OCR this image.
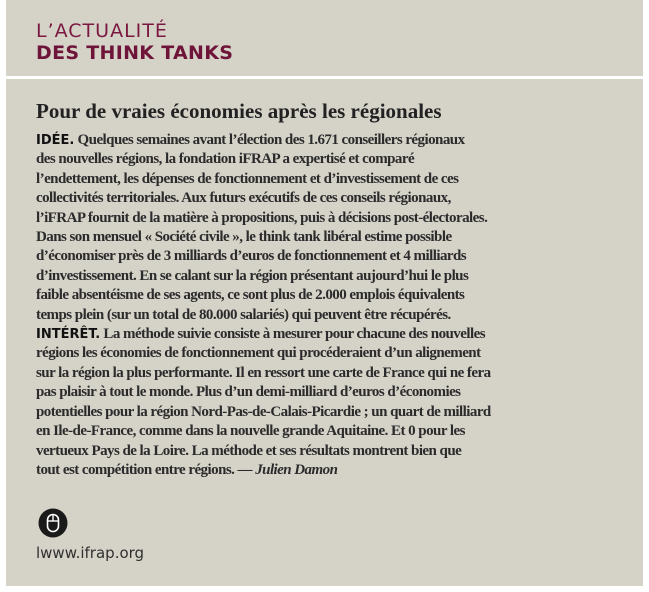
L’ACTUALITÉ
DES THINK TANKS
Pour de vraies économies après les régionales
IDÉE. Quelques semaines avant l’élection des 1.671 conseillers régionaux
des nouvelles régions, la fondation iFRAP a expertisé et comparé
l’endettement, les dépenses de fonctionnement et d’investissement de ces
collectivités territoriales. Aux futurs exécutifs de ces conseils régionaux,
l’iFRAP fournit de la matière à propositions, puis à décisions post-électorales.
Dans son mensuel « Société civile », le think tank libéral estime possible
d’économiser près de 3 milliards d’euros de fonctionnement et 4 milliards
d’investissement. En se calant sur la région présentant aujourd’hui le plus
faible absentéisme de ses agents, ce sont plus de 2.000 emplois équivalents
temps plein (sur un total de 80.000 salariés) qui peuvent être récupérés.
INTÉRÊT. La méthode suivie consiste à mesurer pour chacune des nouvelles
régions les économies de fonctionnement qui procéderaient d’un alignement
sur la région la plus performante. Il en ressort une carte de France qui ne fera
pas plaisir à tout le monde. Plus d’un demi-milliard d’euros d’économies
potentielles pour la région Nord-Pas-de-Calais-Picardie ; un quart de milliard
en Ile-de-France, comme dans la nouvelle grande Aquitaine. Et 0 pour les
vertueux Pays de la Loire. La méthode et ses résultats montrent bien que
tout est compétition entre régions. — Julien Damon
lwww.ifrap.org
